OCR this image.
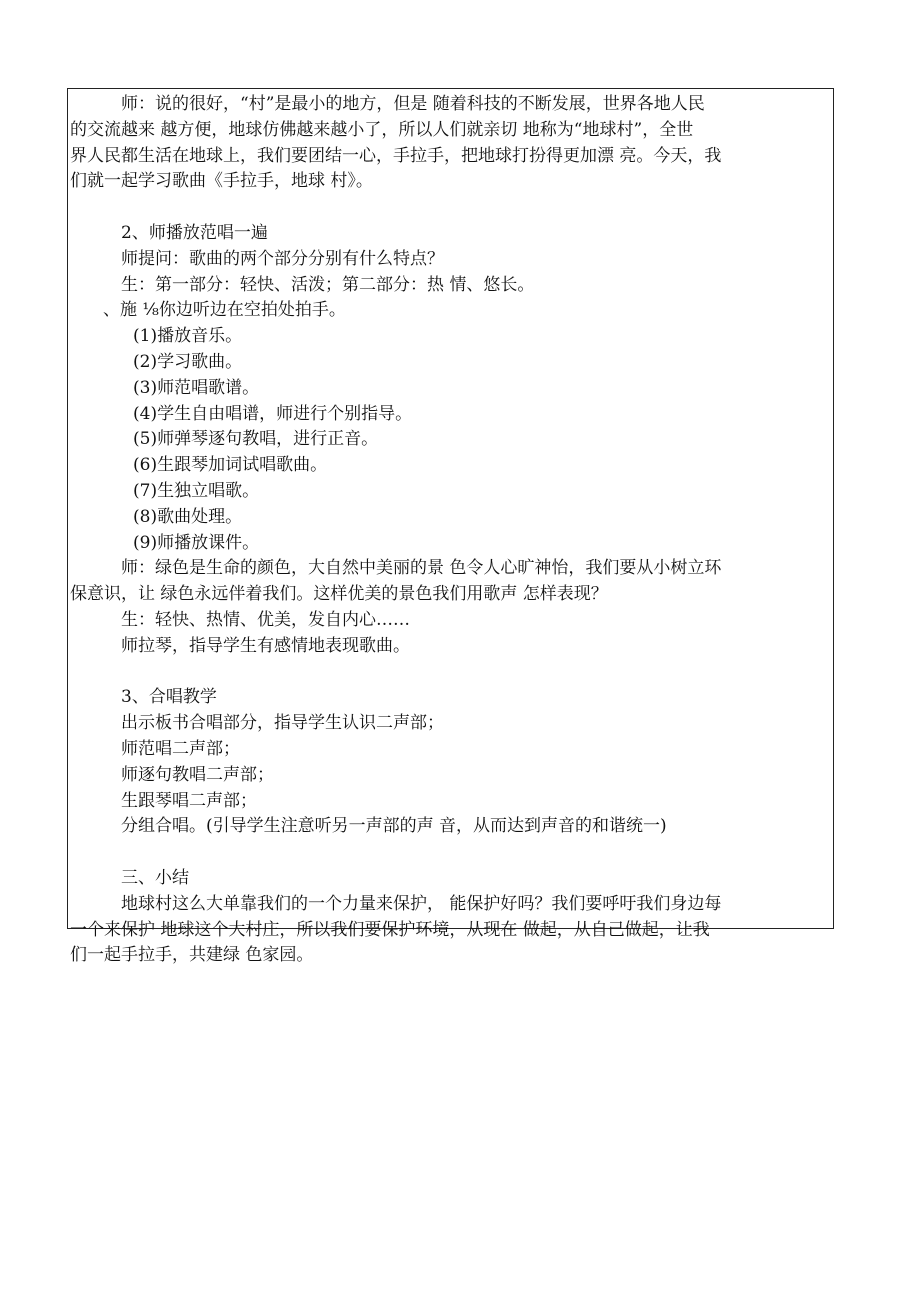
师：说的很好，“村”是最小的地方，但是 随着科技的不断发展，世界各地人民
的交流越来 越方便，地球仿佛越来越小了，所以人们就亲切 地称为“地球村”，全世
界人民都生活在地球上，我们要团结一心，手拉手，把地球打扮得更加漂 亮。今天，我
们就一起学习歌曲《手拉手，地球 村》。
2、师播放范唱一遍
师提问：歌曲的两个部分分别有什么特点？
生：第一部分：轻快、活泼；第二部分：热 情、悠长。
、施 ⅛你边听边在空拍处拍手。
(1)播放音乐。
(2)学习歌曲。
(3)师范唱歌谱。
(4)学生自由唱谱，师进行个别指导。
(5)师弹琴逐句教唱，进行正音。
(6)生跟琴加词试唱歌曲。
(7)生独立唱歌。
(8)歌曲处理。
(9)师播放课件。
师：绿色是生命的颜色，大自然中美丽的景 色令人心旷神怡，我们要从小树立环
保意识，让 绿色永远伴着我们。这样优美的景色我们用歌声 怎样表现？
生：轻快、热情、优美，发自内心……
师拉琴，指导学生有感情地表现歌曲。
3、合唱教学
出示板书合唱部分，指导学生认识二声部；
师范唱二声部；
师逐句教唱二声部；
生跟琴唱二声部；
分组合唱。(引导学生注意听另一声部的声 音，从而达到声音的和谐统一)
三、小结
地球村这么大单靠我们的一个力量来保护， 能保护好吗？我们要呼吁我们身边每
一个来保护 地球这个大村庄，所以我们要保护环境，从现在 做起，从自己做起，让我
们一起手拉手，共建绿 色家园。
